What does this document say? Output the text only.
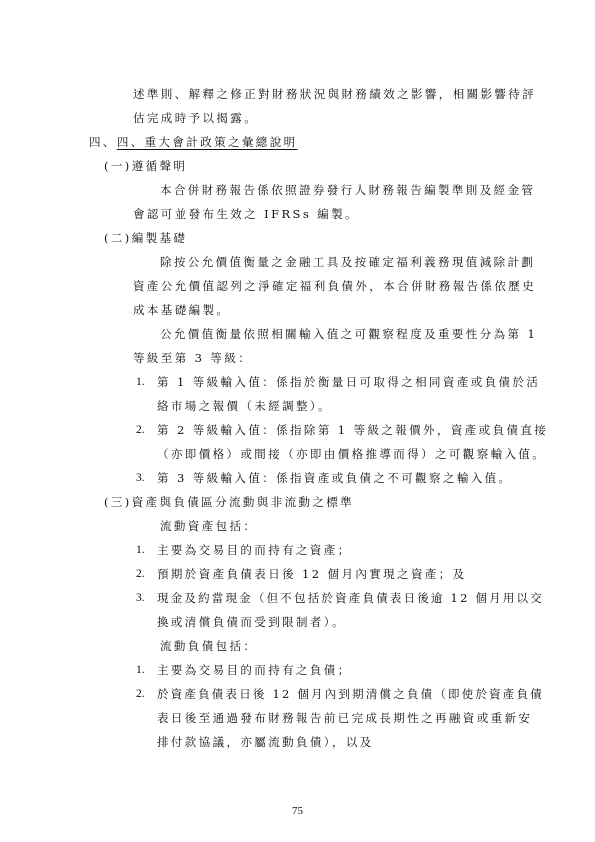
述準則、解釋之修正對財務狀況與財務績效之影響，相關影響待評
估完成時予以揭露。
四、四、重大會計政策之彙總說明
(一)遵循聲明
本合併財務報告係依照證券發行人財務報告編製準則及經金管
會認可並發布生效之 IFRSs 編製。
(二)編製基礎
除按公允價值衡量之金融工具及按確定福利義務現值減除計劃
資產公允價值認列之淨確定福利負債外，本合併財務報告係依歷史
成本基礎編製。
公允價值衡量依照相關輸入值之可觀察程度及重要性分為第 1
等級至第 3 等級：
1. 第 1 等級輸入值：係指於衡量日可取得之相同資產或負債於活
絡市場之報價（未經調整）。
2. 第 2 等級輸入值：係指除第 1 等級之報價外，資產或負債直接
（亦即價格）或間接（亦即由價格推導而得）之可觀察輸入值。
3. 第 3 等級輸入值：係指資產或負債之不可觀察之輸入值。
(三)資產與負債區分流動與非流動之標準
流動資產包括：
1. 主要為交易目的而持有之資產；
2. 預期於資產負債表日後 12 個月內實現之資產；及
3. 現金及約當現金（但不包括於資產負債表日後逾 12 個月用以交
換或清償負債而受到限制者）。
流動負債包括：
1. 主要為交易目的而持有之負債；
2. 於資產負債表日後 12 個月內到期清償之負債（即使於資產負債
表日後至通過發布財務報告前已完成長期性之再融資或重新安
排付款協議，亦屬流動負債），以及
75
